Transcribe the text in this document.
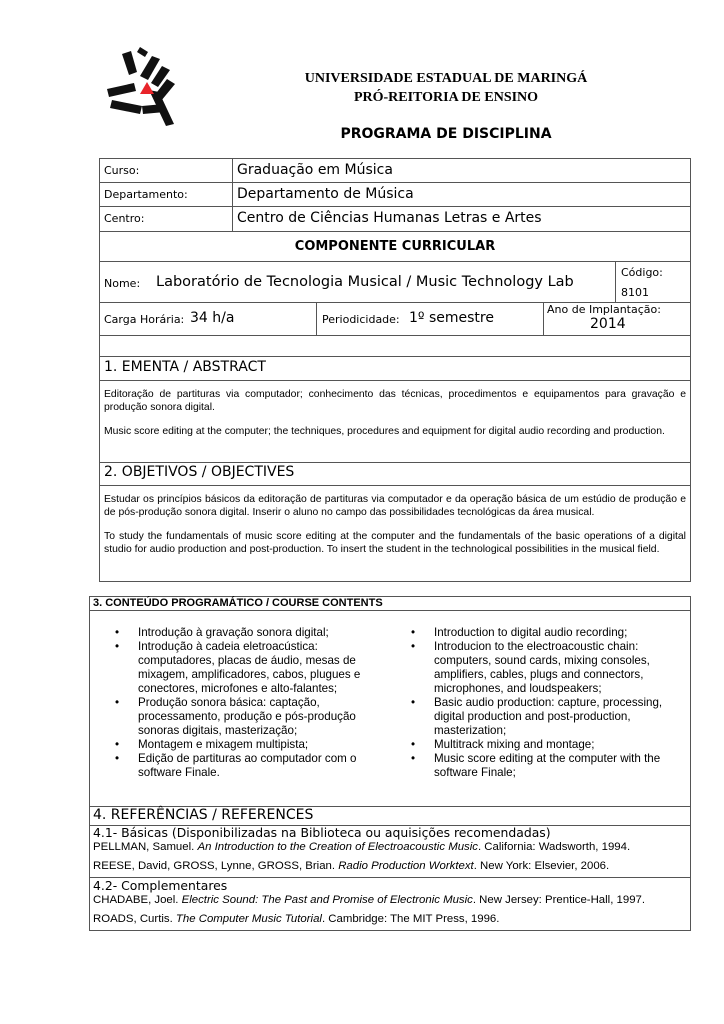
UNIVERSIDADE ESTADUAL DE MARINGÁ
PRÓ-REITORIA DE ENSINO
PROGRAMA DE DISCIPLINA
Curso:	Graduação em Música
Departamento:	Departamento de Música
Centro:	Centro de Ciências Humanas Letras e Artes
COMPONENTE CURRICULAR
Nome: Laboratório de Tecnologia Musical / Music Technology Lab
Código:
8101
Carga Horária: 34 h/a	Periodicidade: 1º semestre
Ano de Implantação:
2014
1. EMENTA / ABSTRACT
Editoração de partituras via computador; conhecimento das técnicas, procedimentos e equipamentos para gravação e produção sonora digital.
Music score editing at the computer; the techniques, procedures and equipment for digital audio recording and production.
2. OBJETIVOS / OBJECTIVES
Estudar os princípios básicos da editoração de partituras via computador e da operação básica de um estúdio de produção e de pós-produção sonora digital. Inserir o aluno no campo das possibilidades tecnológicas da área musical.
To study the fundamentals of music score editing at the computer and the fundamentals of the basic operations of a digital studio for audio production and post-production. To insert the student in the technological possibilities in the musical field.
3. CONTEÚDO PROGRAMÁTICO / COURSE CONTENTS
• Introdução à gravação sonora digital;
• Introdução à cadeia eletroacústica: computadores, placas de áudio, mesas de mixagem, amplificadores, cabos, plugues e conectores, microfones e alto-falantes;
• Produção sonora básica: captação, processamento, produção e pós-produção sonoras digitais, masterização;
• Montagem e mixagem multipista;
• Edição de partituras ao computador com o software Finale.
• Introduction to digital audio recording;
• Introducion to the electroacoustic chain: computers, sound cards, mixing consoles, amplifiers, cables, plugs and connectors, microphones, and loudspeakers;
• Basic audio production: capture, processing, digital production and post-production, masterization;
• Multitrack mixing and montage;
• Music score editing at the computer with the software Finale;
4. REFERÊNCIAS / REFERENCES
4.1- Básicas (Disponibilizadas na Biblioteca ou aquisições recomendadas)
PELLMAN, Samuel. An Introduction to the Creation of Electroacoustic Music. California: Wadsworth, 1994.
REESE, David, GROSS, Lynne, GROSS, Brian. Radio Production Worktext. New York: Elsevier, 2006.
4.2- Complementares
CHADABE, Joel. Electric Sound: The Past and Promise of Electronic Music. New Jersey: Prentice-Hall, 1997.
ROADS, Curtis. The Computer Music Tutorial. Cambridge: The MIT Press, 1996.
